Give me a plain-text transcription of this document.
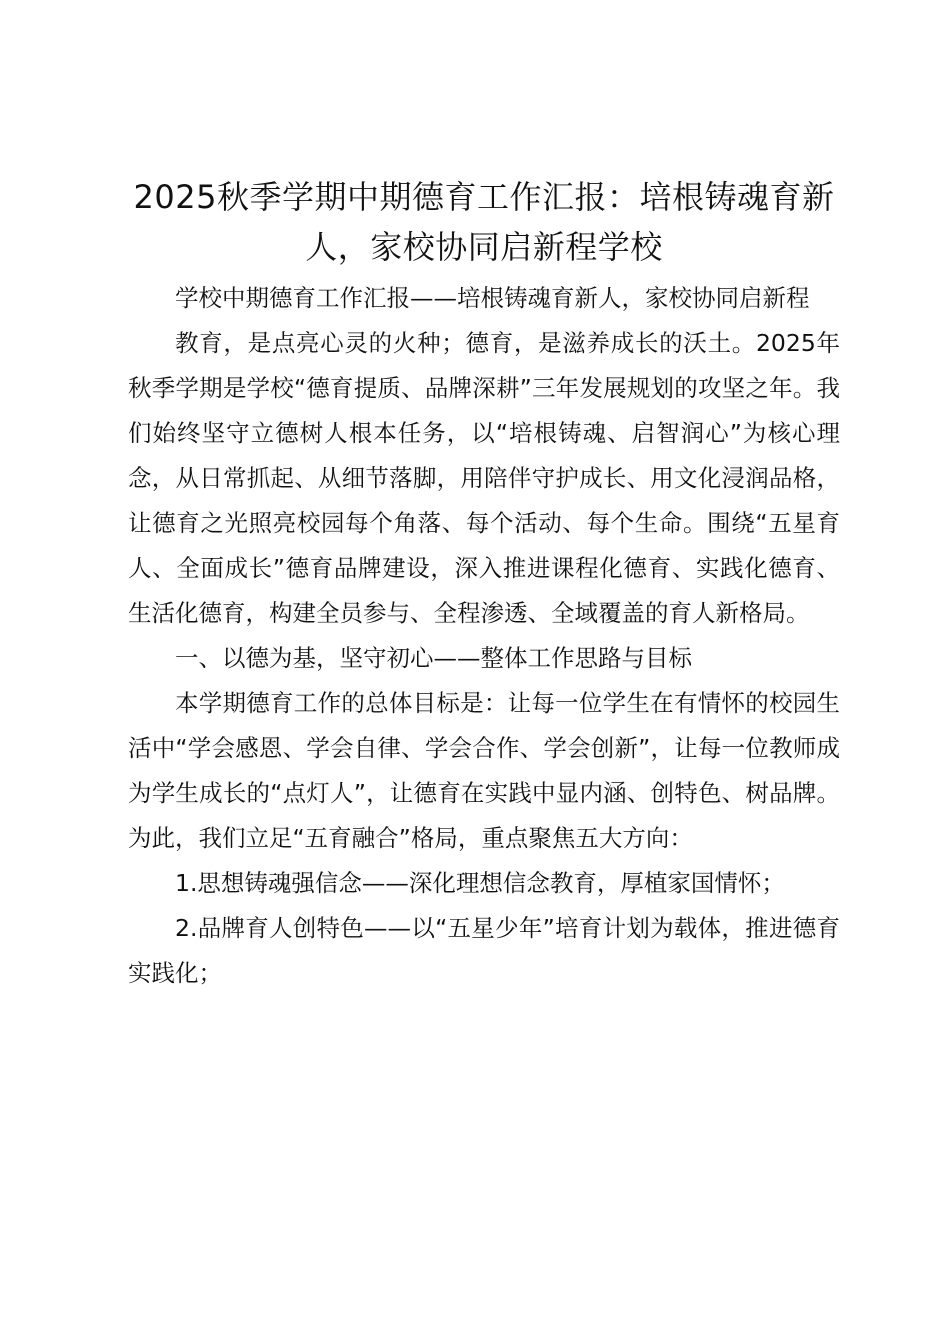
2025秋季学期中期德育工作汇报：培根铸魂育新人，家校协同启新程学校

学校中期德育工作汇报——培根铸魂育新人，家校协同启新程

教育，是点亮心灵的火种；德育，是滋养成长的沃土。2025年秋季学期是学校“德育提质、品牌深耕”三年发展规划的攻坚之年。我们始终坚守立德树人根本任务，以“培根铸魂、启智润心”为核心理念，从日常抓起、从细节落脚，用陪伴守护成长、用文化浸润品格，让德育之光照亮校园每个角落、每个活动、每个生命。围绕“五星育人、全面成长”德育品牌建设，深入推进课程化德育、实践化德育、生活化德育，构建全员参与、全程渗透、全域覆盖的育人新格局。

一、以德为基，坚守初心——整体工作思路与目标

本学期德育工作的总体目标是：让每一位学生在有情怀的校园生活中“学会感恩、学会自律、学会合作、学会创新”，让每一位教师成为学生成长的“点灯人”，让德育在实践中显内涵、创特色、树品牌。为此，我们立足“五育融合”格局，重点聚焦五大方向：

1.思想铸魂强信念——深化理想信念教育，厚植家国情怀；

2.品牌育人创特色——以“五星少年”培育计划为载体，推进德育实践化；
